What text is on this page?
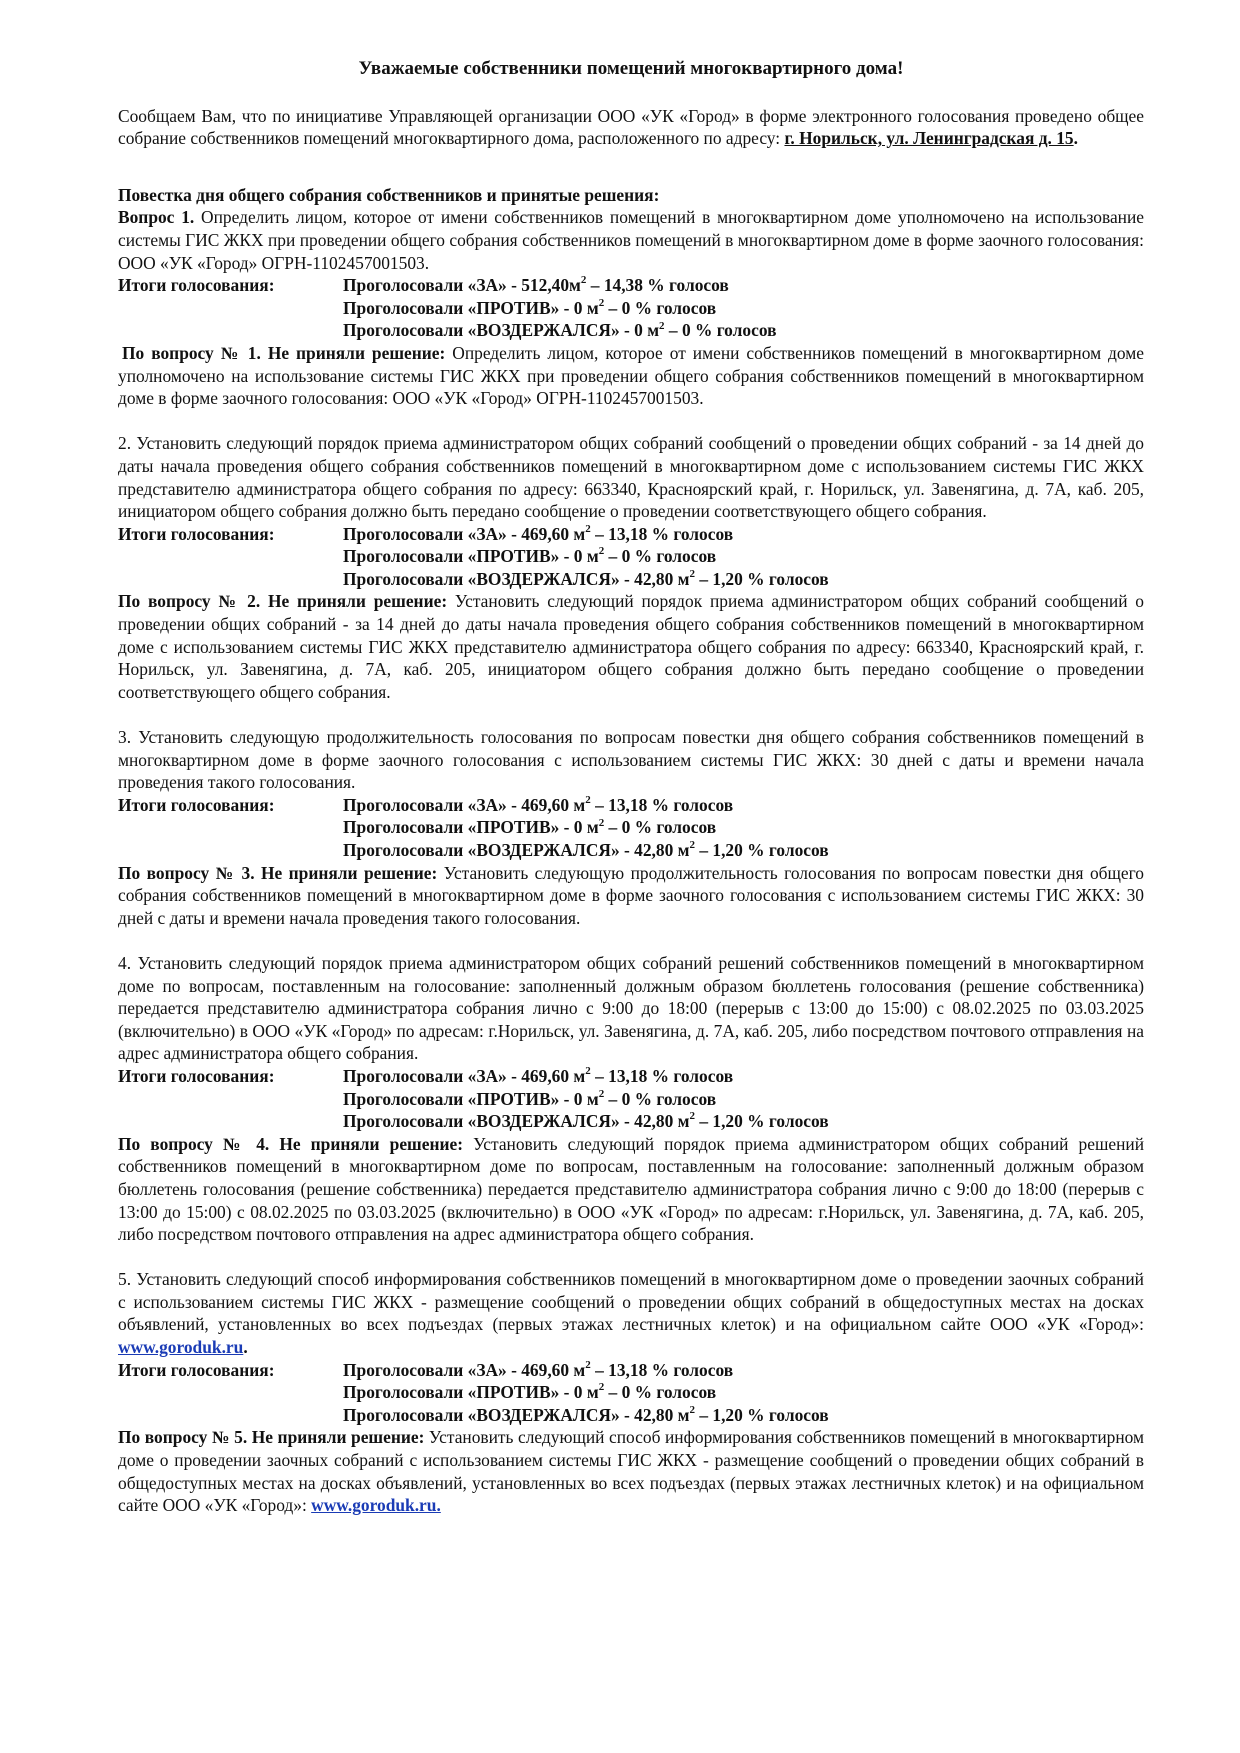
Уважаемые собственники помещений многоквартирного дома!

Сообщаем Вам, что по инициативе Управляющей организации ООО «УК «Город» в форме электронного голосования проведено общее собрание собственников помещений многоквартирного дома, расположенного по адресу: г. Норильск, ул. Ленинградская д. 15.

Повестка дня общего собрания собственников и принятые решения:

Вопрос 1. Определить лицом, которое от имени собственников помещений в многоквартирном доме уполномочено на использование системы ГИС ЖКХ при проведении общего собрания собственников помещений в многоквартирном доме в форме заочного голосования: ООО «УК «Город» ОГРН-1102457001503.

Итоги голосования:	Проголосовали «ЗА» - $512,40м^2 - 14,38$ % голосов
Проголосовали «ПРОТИВ» - 0 $м^2 - 0$ % голосов
Проголосовали «ВОЗДЕРЖАЛСЯ» - 0 $м^2 - 0$ % голосов

По вопросу № 1. Не приняли решение: Определить лицом, которое от имени собственников помещений в многоквартирном доме уполномочено на использование системы ГИС ЖКХ при проведении общего собрания собственников помещений в многоквартирном доме в форме заочного голосования: ООО «УК «Город» ОГРН-1102457001503.

2. Установить следующий порядок приема администратором общих собраний сообщений о проведении общих собраний - за 14 дней до даты начала проведения общего собрания собственников помещений в многоквартирном доме с использованием системы ГИС ЖКХ представителю администратора общего собрания по адресу: 663340, Красноярский край, г. Норильск, ул. Завенягина, д. 7А, каб. 205, инициатором общего собрания должно быть передано сообщение о проведении соответствующего общего собрания.

Итоги голосования:	Проголосовали «ЗА» - 469,60 $м^2 - 13,18$ % голосов
Проголосовали «ПРОТИВ» - 0 $м^2 - 0$ % голосов
Проголосовали «ВОЗДЕРЖАЛСЯ» - 42,80 $м^2 - 1,20$ % голосов

По вопросу № 2. Не приняли решение: Установить следующий порядок приема администратором общих собраний сообщений о проведении общих собраний - за 14 дней до даты начала проведения общего собрания собственников помещений в многоквартирном доме с использованием системы ГИС ЖКХ представителю администратора общего собрания по адресу: 663340, Красноярский край, г. Норильск, ул. Завенягина, д. 7А, каб. 205, инициатором общего собрания должно быть передано сообщение о проведении соответствующего общего собрания.

3. Установить следующую продолжительность голосования по вопросам повестки дня общего собрания собственников помещений в многоквартирном доме в форме заочного голосования с использованием системы ГИС ЖКХ: 30 дней с даты и времени начала проведения такого голосования.

Итоги голосования:	Проголосовали «ЗА» - 469,60 $м^2 - 13,18$ % голосов
Проголосовали «ПРОТИВ» - 0 $м^2 - 0$ % голосов
Проголосовали «ВОЗДЕРЖАЛСЯ» - 42,80 $м^2 - 1,20$ % голосов

По вопросу № 3. Не приняли решение: Установить следующую продолжительность голосования по вопросам повестки дня общего собрания собственников помещений в многоквартирном доме в форме заочного голосования с использованием системы ГИС ЖКХ: 30 дней с даты и времени начала проведения такого голосования.

4. Установить следующий порядок приема администратором общих собраний решений собственников помещений в многоквартирном доме по вопросам, поставленным на голосование: заполненный должным образом бюллетень голосования (решение собственника) передается представителю администратора собрания лично с 9:00 до 18:00 (перерыв с 13:00 до 15:00) с 08.02.2025 по 03.03.2025 (включительно) в ООО «УК «Город» по адресам: г.Норильск, ул. Завенягина, д. 7А, каб. 205, либо посредством почтового отправления на адрес администратора общего собрания.

Итоги голосования:	Проголосовали «ЗА» - 469,60 $м^2 - 13,18$ % голосов
Проголосовали «ПРОТИВ» - 0 $м^2 - 0$ % голосов
Проголосовали «ВОЗДЕРЖАЛСЯ» - 42,80 $м^2 - 1,20$ % голосов

По вопросу № 4. Не приняли решение: Установить следующий порядок приема администратором общих собраний решений собственников помещений в многоквартирном доме по вопросам, поставленным на голосование: заполненный должным образом бюллетень голосования (решение собственника) передается представителю администратора собрания лично с 9:00 до 18:00 (перерыв с 13:00 до 15:00) с 08.02.2025 по 03.03.2025 (включительно) в ООО «УК «Город» по адресам: г.Норильск, ул. Завенягина, д. 7А, каб. 205, либо посредством почтового отправления на адрес администратора общего собрания.

5. Установить следующий способ информирования собственников помещений в многоквартирном доме о проведении заочных собраний с использованием системы ГИС ЖКХ - размещение сообщений о проведении общих собраний в общедоступных местах на досках объявлений, установленных во всех подъездах (первых этажах лестничных клеток) и на официальном сайте ООО «УК «Город»: www.goroduk.ru.

Итоги голосования:	Проголосовали «ЗА» - 469,60 $м^2 - 13,18$ % голосов
Проголосовали «ПРОТИВ» - 0 $м^2 - 0$ % голосов
Проголосовали «ВОЗДЕРЖАЛСЯ» - 42,80 $м^2 - 1,20$ % голосов

По вопросу № 5. Не приняли решение: Установить следующий способ информирования собственников помещений в многоквартирном доме о проведении заочных собраний с использованием системы ГИС ЖКХ - размещение сообщений о проведении общих собраний в общедоступных местах на досках объявлений, установленных во всех подъездах (первых этажах лестничных клеток) и на официальном сайте ООО «УК «Город»: www.goroduk.ru.
